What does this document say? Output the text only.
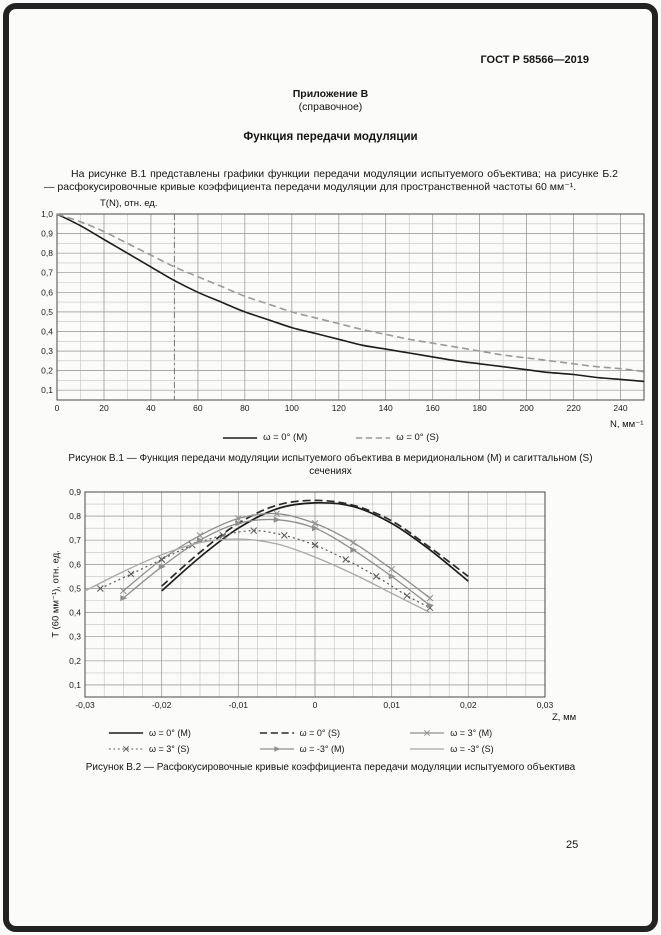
ГОСТ Р 58566—2019
Приложение В
(справочное)
Функция передачи модуляции

На рисунке В.1 представлены графики функции передачи модуляции испытуемого объектива; на рисунке Б.2 — расфокусировочные кривые коэффициента передачи модуляции для пространственной частоты 60 мм⁻¹.

T(N), отн. ед.
0	20	40	60	80	100	120	140	160	180	200	220	240
0,1
0,2
0,3
0,4
0,5
0,6
0,7
0,8
0,9
1,0
N, мм⁻¹
ω = 0° (M)	ω = 0° (S)
Рисунок В.1 — Функция передачи модуляции испытуемого объектива в меридиональном (M) и сагиттальном (S) сечениях
T (60 мм⁻¹), отн. ед.
-0,03	-0,02	-0,01	0	0,01	0,02	0,03
0,1
0,2
0,3
0,4
0,5
0,6
0,7
0,8
0,9
Z, мм
ω = 0° (M)	ω = 0° (S)	ω = 3° (M)
ω = 3° (S)	ω = -3° (M)	ω = -3° (S)
Рисунок В.2 — Расфокусировочные кривые коэффициента передачи модуляции испытуемого объектива
25
